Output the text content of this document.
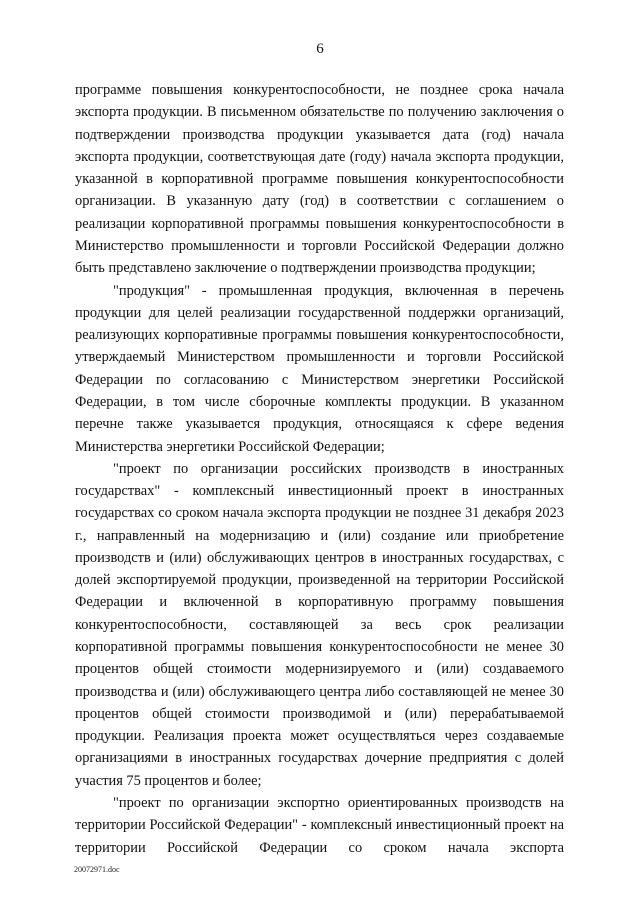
6

программе повышения конкурентоспособности, не позднее срока начала экспорта продукции. В письменном обязательстве по получению заключения о подтверждении производства продукции указывается дата (год) начала экспорта продукции, соответствующая дате (году) начала экспорта продукции, указанной в корпоративной программе повышения конкурентоспособности организации. В указанную дату (год) в соответствии с соглашением о реализации корпоративной программы повышения конкурентоспособности в Министерство промышленности и торговли Российской Федерации должно быть представлено заключение о подтверждении производства продукции;

"продукция" - промышленная продукция, включенная в перечень продукции для целей реализации государственной поддержки организаций, реализующих корпоративные программы повышения конкурентоспособности, утверждаемый Министерством промышленности и торговли Российской Федерации по согласованию с Министерством энергетики Российской Федерации, в том числе сборочные комплекты продукции. В указанном перечне также указывается продукция, относящаяся к сфере ведения Министерства энергетики Российской Федерации;

"проект по организации российских производств в иностранных государствах" - комплексный инвестиционный проект в иностранных государствах со сроком начала экспорта продукции не позднее 31 декабря 2023 г., направленный на модернизацию и (или) создание или приобретение производств и (или) обслуживающих центров в иностранных государствах, с долей экспортируемой продукции, произведенной на территории Российской Федерации и включенной в корпоративную программу повышения конкурентоспособности, составляющей за весь срок реализации корпоративной программы повышения конкурентоспособности не менее 30 процентов общей стоимости модернизируемого и (или) создаваемого производства и (или) обслуживающего центра либо составляющей не менее 30 процентов общей стоимости производимой и (или) перерабатываемой продукции. Реализация проекта может осуществляться через создаваемые организациями в иностранных государствах дочерние предприятия с долей участия 75 процентов и более;

"проект по организации экспортно ориентированных производств на территории Российской Федерации" - комплексный инвестиционный проект на территории Российской Федерации со сроком начала экспорта

20072971.doc
